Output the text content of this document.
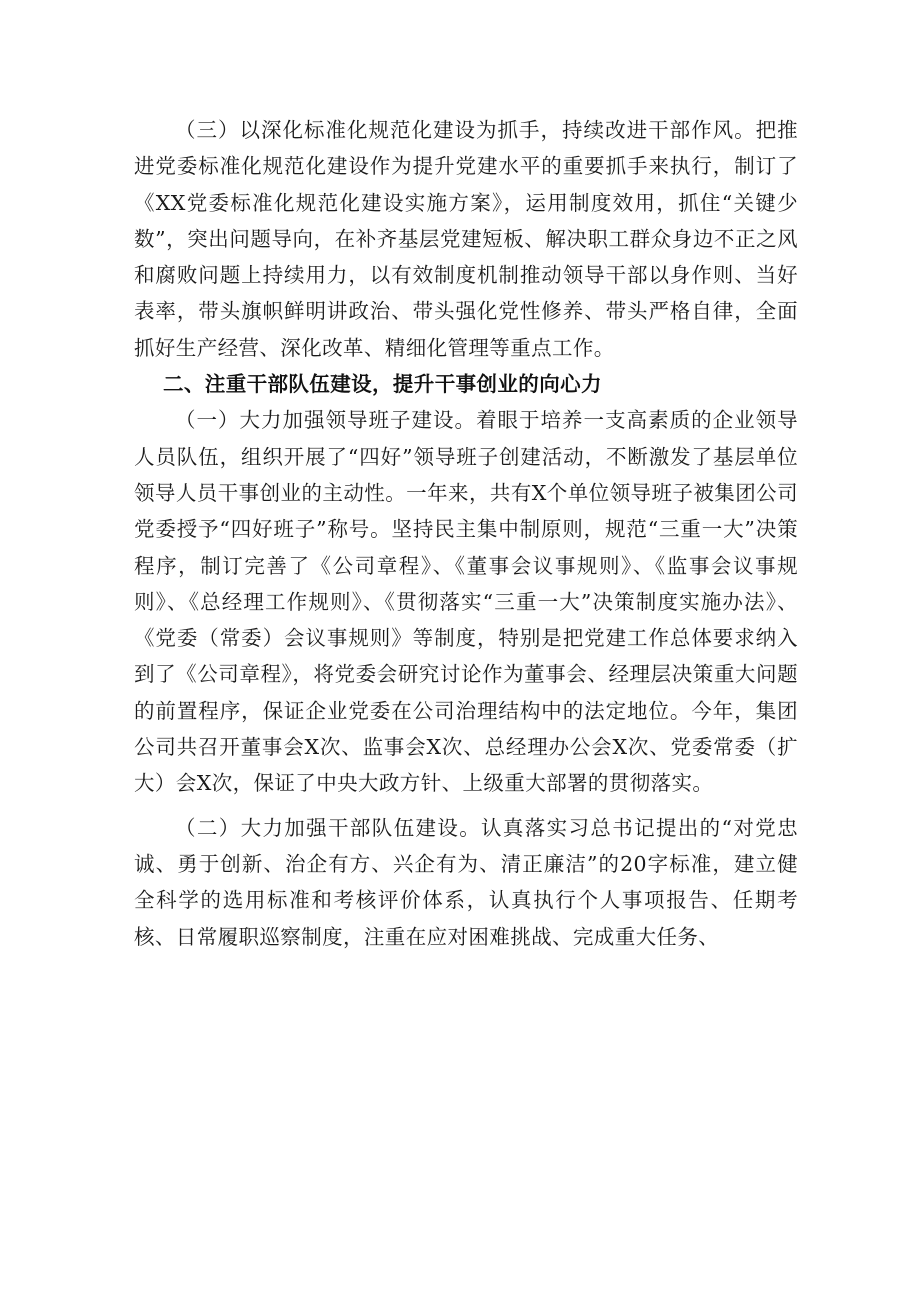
（三）以深化标准化规范化建设为抓手，持续改进干部作风。把推进党委标准化规范化建设作为提升党建水平的重要抓手来执行，制订了《XX党委标准化规范化建设实施方案》，运用制度效用，抓住“关键少数”，突出问题导向，在补齐基层党建短板、解决职工群众身边不正之风和腐败问题上持续用力，以有效制度机制推动领导干部以身作则、当好表率，带头旗帜鲜明讲政治、带头强化党性修养、带头严格自律，全面抓好生产经营、深化改革、精细化管理等重点工作。

二、注重干部队伍建设，提升干事创业的向心力

（一）大力加强领导班子建设。着眼于培养一支高素质的企业领导人员队伍，组织开展了“四好”领导班子创建活动，不断激发了基层单位领导人员干事创业的主动性。一年来，共有X个单位领导班子被集团公司党委授予“四好班子”称号。坚持民主集中制原则，规范“三重一大”决策程序，制订完善了《公司章程》、《董事会议事规则》、《监事会议事规则》、《总经理工作规则》、《贯彻落实“三重一大”决策制度实施办法》、《党委（常委）会议事规则》等制度，特别是把党建工作总体要求纳入到了《公司章程》，将党委会研究讨论作为董事会、经理层决策重大问题的前置程序，保证企业党委在公司治理结构中的法定地位。今年，集团公司共召开董事会X次、监事会X次、总经理办公会X次、党委常委（扩大）会X次，保证了中央大政方针、上级重大部署的贯彻落实。

（二）大力加强干部队伍建设。认真落实习总书记提出的“对党忠诚、勇于创新、治企有方、兴企有为、清正廉洁”的20字标准，建立健全科学的选用标准和考核评价体系，认真执行个人事项报告、任期考核、日常履职巡察制度，注重在应对困难挑战、完成重大任务、
